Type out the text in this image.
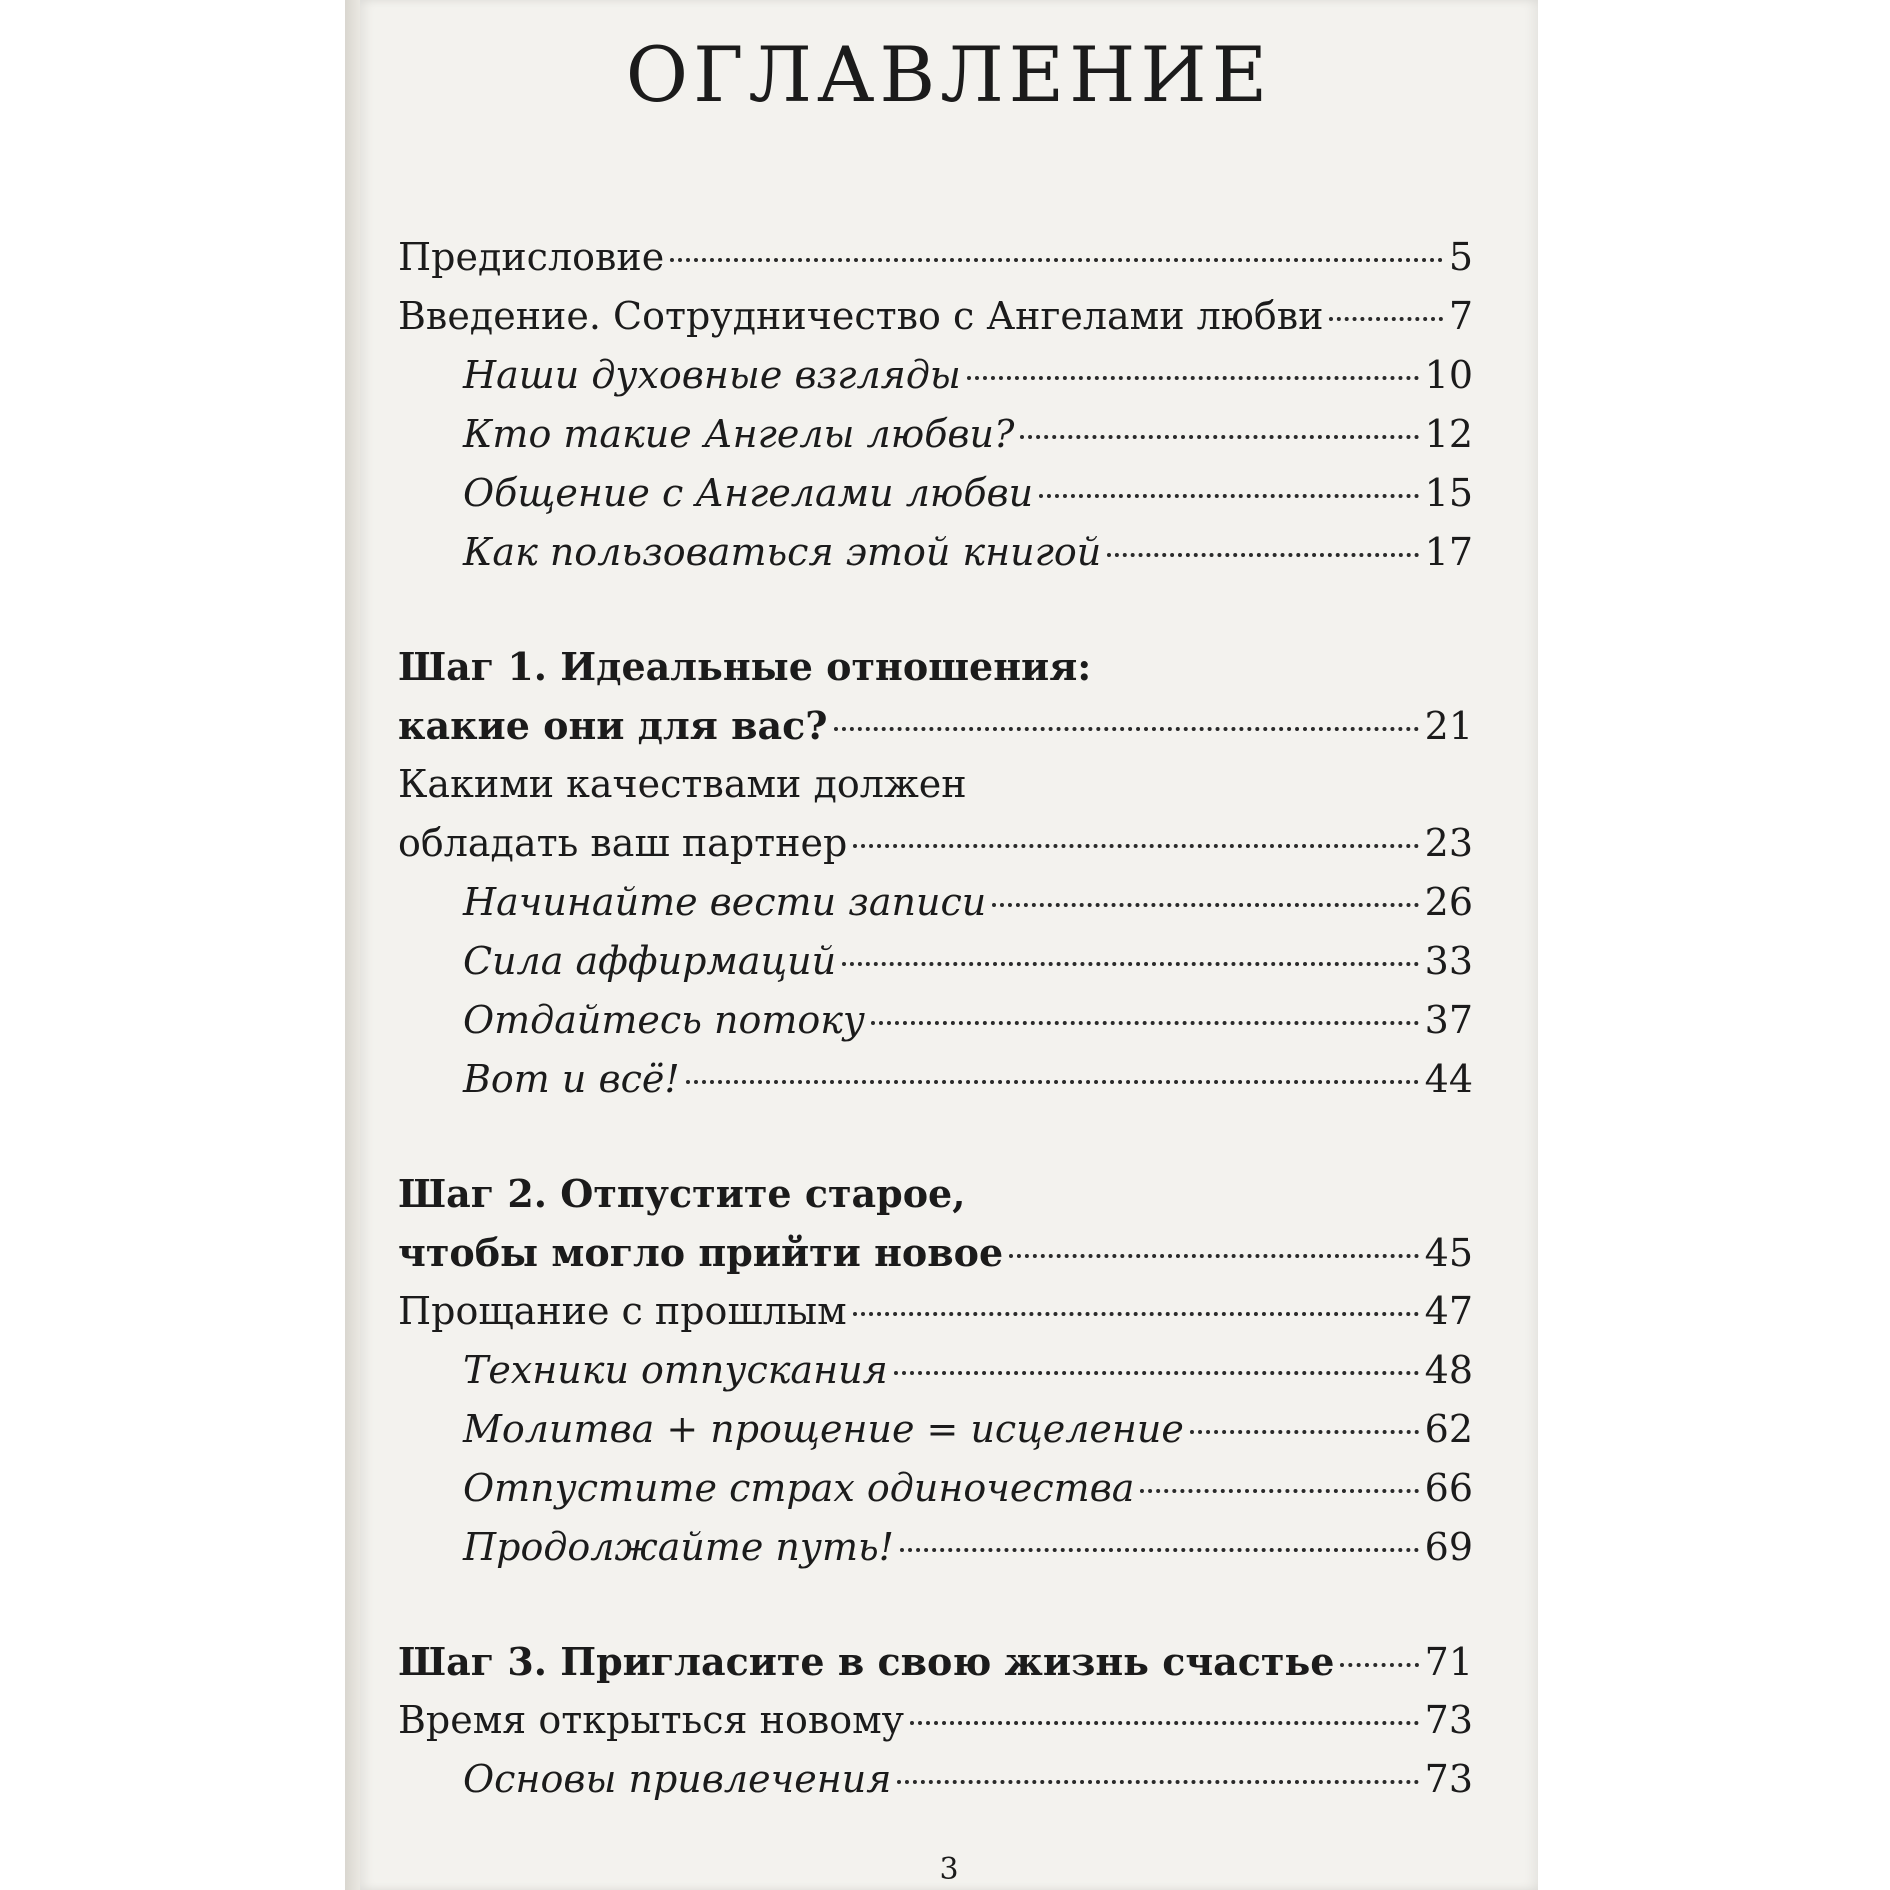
ОГЛАВЛЕНИЕ
Предисловие	5
Введение. Сотрудничество с Ангелами любви	7
Наши духовные взгляды	10
Кто такие Ангелы любви?	12
Общение с Ангелами любви	15
Как пользоваться этой книгой	17
Шаг 1. Идеальные отношения:
какие они для вас?	21
Какими качествами должен
обладать ваш партнер	23
Начинайте вести записи	26
Сила аффирмаций	33
Отдайтесь потоку	37
Вот и всё!	44
Шаг 2. Отпустите старое,
чтобы могло прийти новое	45
Прощание с прошлым	47
Техники отпускания	48
Молитва + прощение = исцеление	62
Отпустите страх одиночества	66
Продолжайте путь!	69
Шаг 3. Пригласите в свою жизнь счастье 71
Время открыться новому	73
Основы привлечения	73
3
